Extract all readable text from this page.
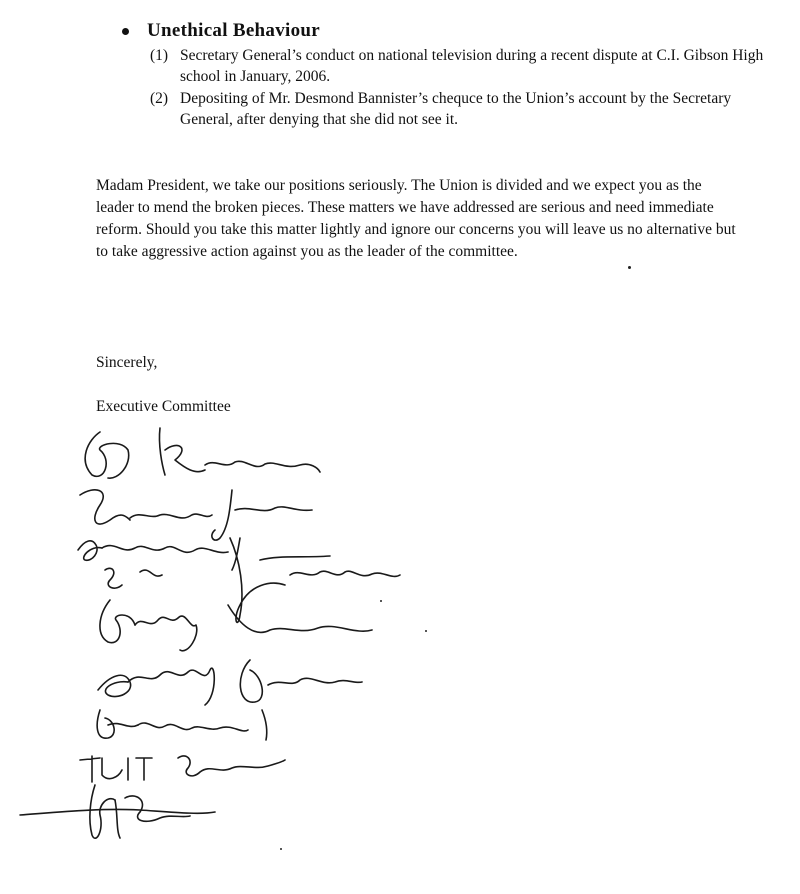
Unethical Behaviour
(1) Secretary General’s conduct on national television during a recent dispute at C.I. Gibson High school in January, 2006.
(2) Depositing of Mr. Desmond Bannister’s chequce to the Union’s account by the Secretary General, after denying that she did not see it.
Madam President, we take our positions seriously. The Union is divided and we expect you as the leader to mend the broken pieces. These matters we have addressed are serious and need immediate reform. Should you take this matter lightly and ignore our concerns you will leave us no alternative but to take aggressive action against you as the leader of the committee.
Sincerely,
Executive Committee
